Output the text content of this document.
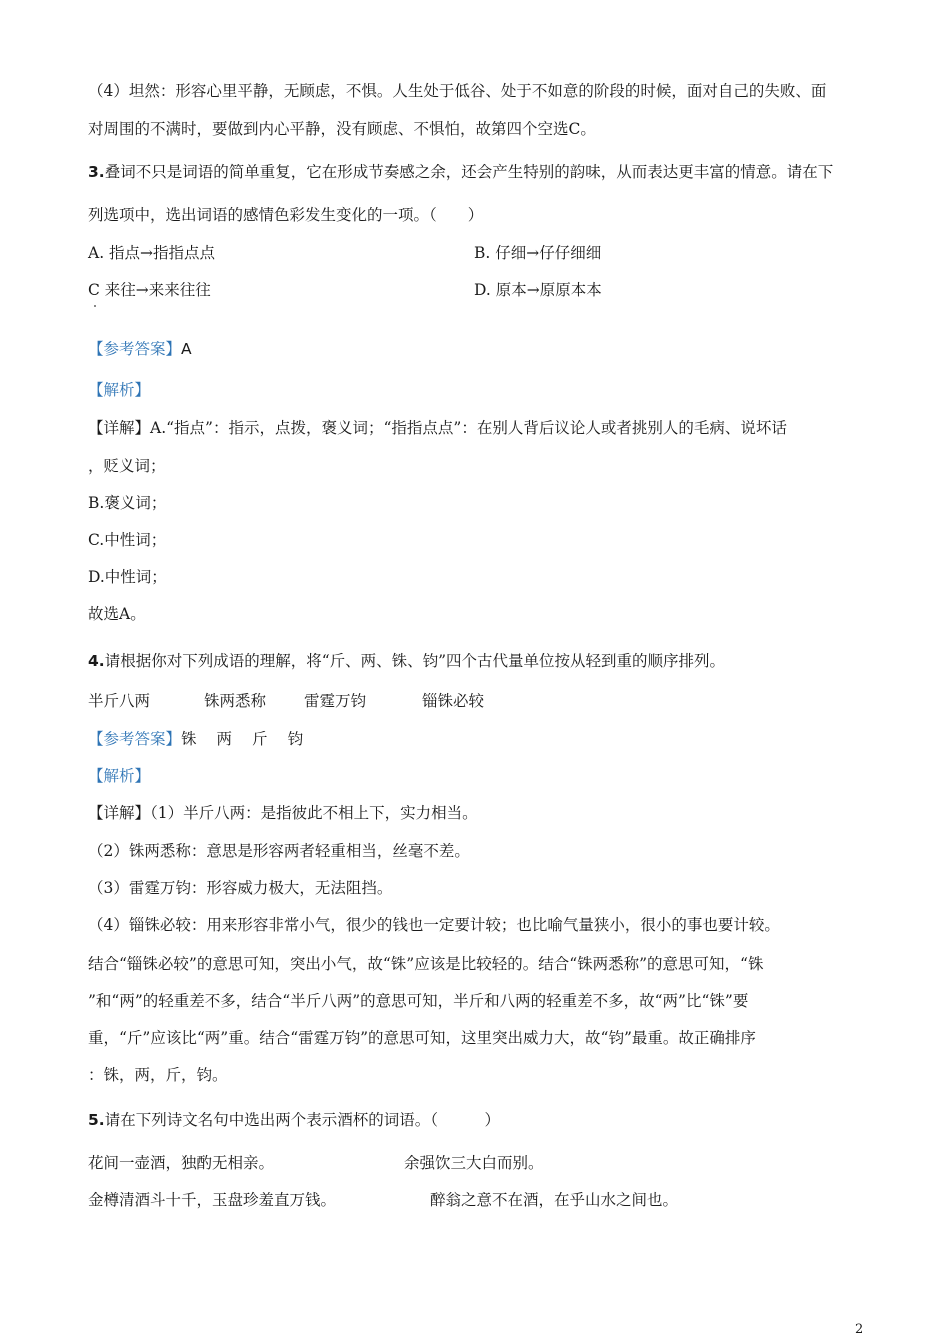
（4）坦然：形容心里平静，无顾虑，不惧。人生处于低谷、处于不如意的阶段的时候，面对自己的失败、面
对周围的不满时，要做到内心平静，没有顾虑、不惧怕，故第四个空选C。
3.叠词不只是词语的简单重复，它在形成节奏感之余，还会产生特别的韵味，从而表达更丰富的情意。请在下
列选项中，选出词语的感情色彩发生变化的一项。（　　）
A. 指点→指指点点	B. 仔细→仔仔细细
C 来往→来来往往	D. 原本→原原本本
【参考答案】A
【解析】
【详解】A.“指点”：指示，点拨，褒义词；“指指点点”：在别人背后议论人或者挑别人的毛病、说坏话
，贬义词；
B.褒义词；
C.中性词；
D.中性词；
故选A。
4.请根据你对下列成语的理解，将“斤、两、铢、钧”四个古代量单位按从轻到重的顺序排列。
半斤八两	铢两悉称 雷霆万钧	锱铢必较
【参考答案】铢 两 斤 钧
【解析】
【详解】（1）半斤八两：是指彼此不相上下，实力相当。
（2）铢两悉称：意思是形容两者轻重相当，丝毫不差。
（3）雷霆万钧：形容威力极大，无法阻挡。
（4）锱铢必较：用来形容非常小气，很少的钱也一定要计较；也比喻气量狭小，很小的事也要计较。
结合“锱铢必较”的意思可知，突出小气，故“铢”应该是比较轻的。结合“铢两悉称”的意思可知，“铢
”和“两”的轻重差不多，结合“半斤八两”的意思可知，半斤和八两的轻重差不多，故“两”比“铢”要
重，“斤”应该比“两”重。结合“雷霆万钧”的意思可知，这里突出威力大，故“钧”最重。故正确排序
：铢，两，斤，钧。
5.请在下列诗文名句中选出两个表示酒杯的词语。（　　　）
花间一壶酒，独酌无相亲。	余强饮三大白而别。
金樽清酒斗十千，玉盘珍羞直万钱。	醉翁之意不在酒，在乎山水之间也。
2
